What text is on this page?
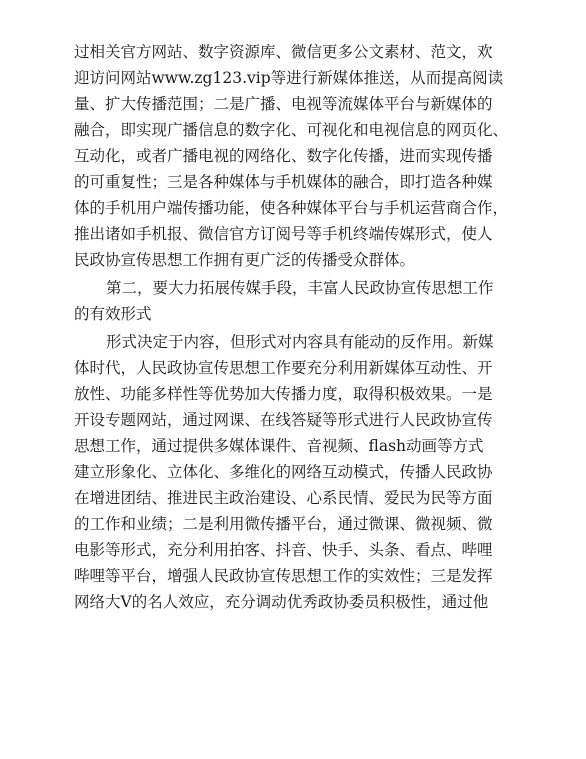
过相关官方网站、数字资源库、微信更多公文素材、范文，欢

迎访问网站www.zg123.vip等进行新媒体推送，从而提高阅读

量、扩大传播范围；二是广播、电视等流媒体平台与新媒体的

融合，即实现广播信息的数字化、可视化和电视信息的网页化、

互动化，或者广播电视的网络化、数字化传播，进而实现传播

的可重复性；三是各种媒体与手机媒体的融合，即打造各种媒

体的手机用户端传播功能，使各种媒体平台与手机运营商合作，

推出诸如手机报、微信官方订阅号等手机终端传媒形式，使人

民政协宣传思想工作拥有更广泛的传播受众群体。

第二，要大力拓展传媒手段，丰富人民政协宣传思想工作

的有效形式

形式决定于内容，但形式对内容具有能动的反作用。新媒

体时代，人民政协宣传思想工作要充分利用新媒体互动性、开

放性、功能多样性等优势加大传播力度，取得积极效果。一是

开设专题网站，通过网课、在线答疑等形式进行人民政协宣传

思想工作，通过提供多媒体课件、音视频、flash动画等方式

建立形象化、立体化、多维化的网络互动模式，传播人民政协

在增进团结、推进民主政治建设、心系民情、爱民为民等方面

的工作和业绩；二是利用微传播平台，通过微课、微视频、微

电影等形式，充分利用拍客、抖音、快手、头条、看点、哔哩

哔哩等平台，增强人民政协宣传思想工作的实效性；三是发挥

网络大V的名人效应，充分调动优秀政协委员积极性，通过他
